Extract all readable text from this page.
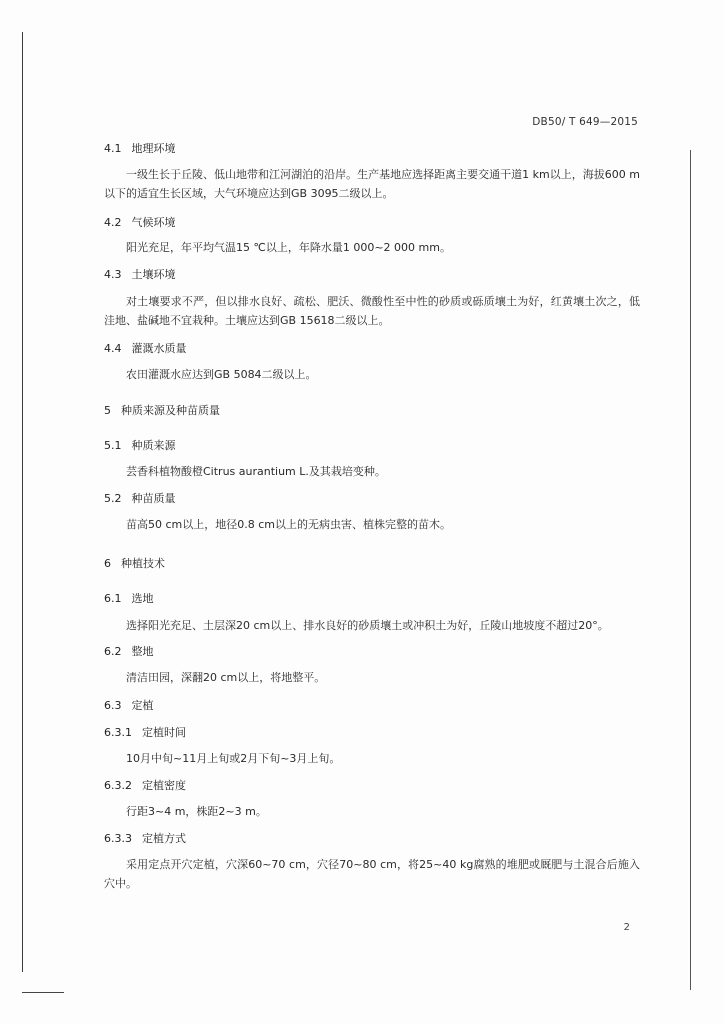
DB50/ T 649—2015
4.1 地理环境
一级生长于丘陵、低山地带和江河湖泊的沿岸。生产基地应选择距离主要交通干道1 km以上，海拔600 m以下的适宜生长区域，大气环境应达到GB 3095二级以上。
4.2 气候环境
阳光充足，年平均气温15 ℃以上，年降水量1 000~2 000 mm。
4.3 土壤环境
对土壤要求不严，但以排水良好、疏松、肥沃、微酸性至中性的砂质或砾质壤土为好，红黄壤土次之，低洼地、盐碱地不宜栽种。土壤应达到GB 15618二级以上。
4.4 灌溉水质量
农田灌溉水应达到GB 5084二级以上。
5 种质来源及种苗质量
5.1 种质来源
芸香科植物酸橙Citrus aurantium L.及其栽培变种。
5.2 种苗质量
苗高50 cm以上，地径0.8 cm以上的无病虫害、植株完整的苗木。
6 种植技术
6.1 选地
选择阳光充足、土层深20 cm以上、排水良好的砂质壤土或冲积土为好，丘陵山地坡度不超过20°。
6.2 整地
清洁田园，深翻20 cm以上，将地整平。
6.3 定植
6.3.1 定植时间
10月中旬~11月上旬或2月下旬~3月上旬。
6.3.2 定植密度
行距3~4 m，株距2~3 m。
6.3.3 定植方式
采用定点开穴定植，穴深60~70 cm，穴径70~80 cm，将25~40 kg腐熟的堆肥或厩肥与土混合后施入穴中。
2
